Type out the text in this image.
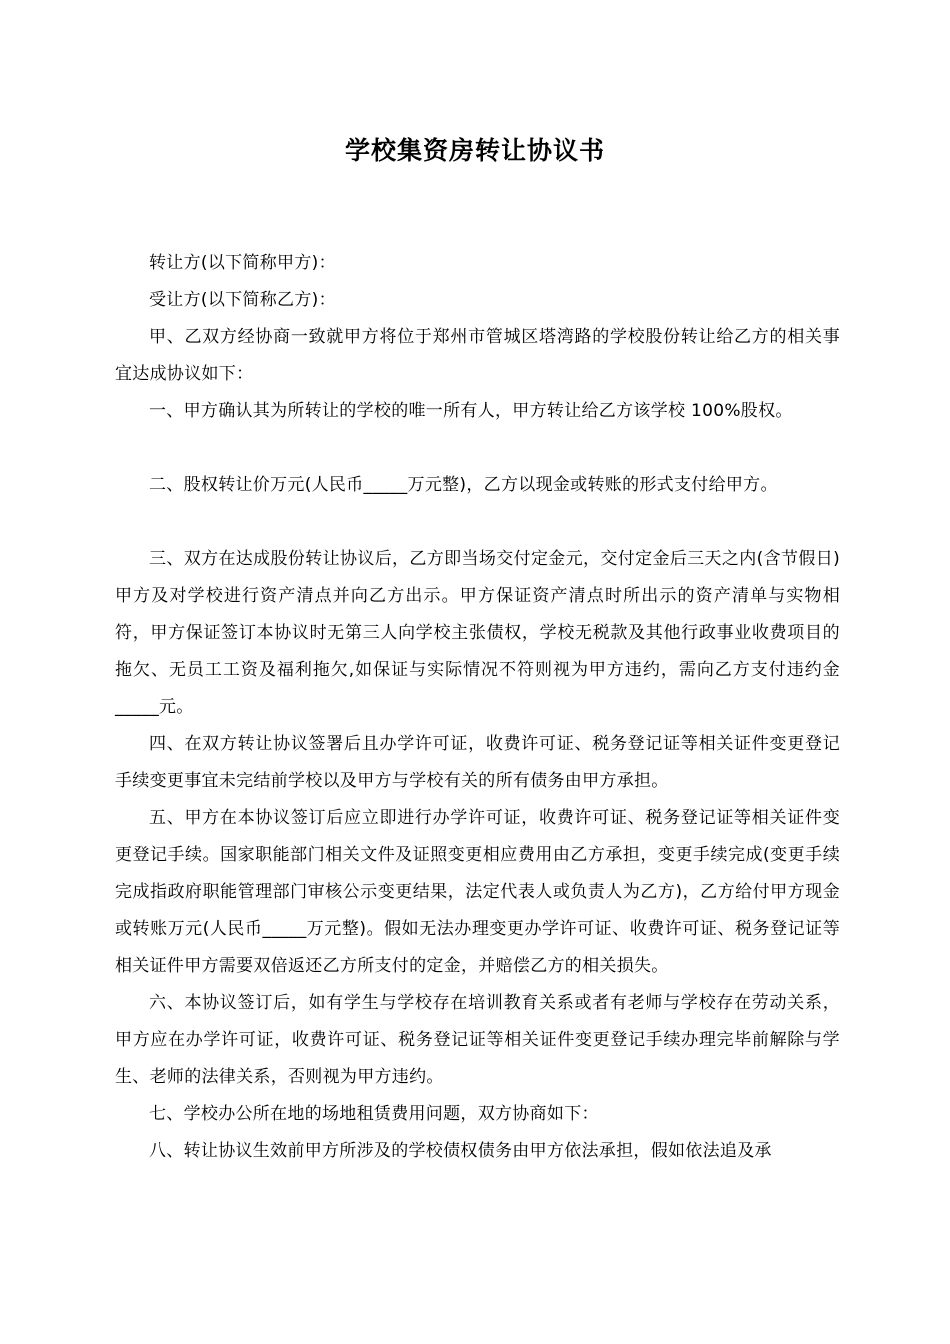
学校集资房转让协议书

转让方(以下简称甲方)：

受让方(以下简称乙方)：

甲、乙双方经协商一致就甲方将位于郑州市管城区塔湾路的学校股份转让给乙方的相关事宜达成协议如下：

一、甲方确认其为所转让的学校的唯一所有人，甲方转让给乙方该学校 100%股权。

二、股权转让价万元(人民币_____万元整)，乙方以现金或转账的形式支付给甲方。

三、双方在达成股份转让协议后，乙方即当场交付定金元，交付定金后三天之内(含节假日)甲方及对学校进行资产清点并向乙方出示。甲方保证资产清点时所出示的资产清单与实物相符，甲方保证签订本协议时无第三人向学校主张债权，学校无税款及其他行政事业收费项目的拖欠、无员工工资及福利拖欠,如保证与实际情况不符则视为甲方违约，需向乙方支付违约金_____元。

四、在双方转让协议签署后且办学许可证，收费许可证、税务登记证等相关证件变更登记手续变更事宜未完结前学校以及甲方与学校有关的所有债务由甲方承担。

五、甲方在本协议签订后应立即进行办学许可证，收费许可证、税务登记证等相关证件变更登记手续。国家职能部门相关文件及证照变更相应费用由乙方承担，变更手续完成(变更手续完成指政府职能管理部门审核公示变更结果，法定代表人或负责人为乙方)，乙方给付甲方现金或转账万元(人民币_____万元整)。假如无法办理变更办学许可证、收费许可证、税务登记证等相关证件甲方需要双倍返还乙方所支付的定金，并赔偿乙方的相关损失。

六、本协议签订后，如有学生与学校存在培训教育关系或者有老师与学校存在劳动关系，甲方应在办学许可证，收费许可证、税务登记证等相关证件变更登记手续办理完毕前解除与学生、老师的法律关系，否则视为甲方违约。

七、学校办公所在地的场地租赁费用问题，双方协商如下：

八、转让协议生效前甲方所涉及的学校债权债务由甲方依法承担，假如依法追及承
